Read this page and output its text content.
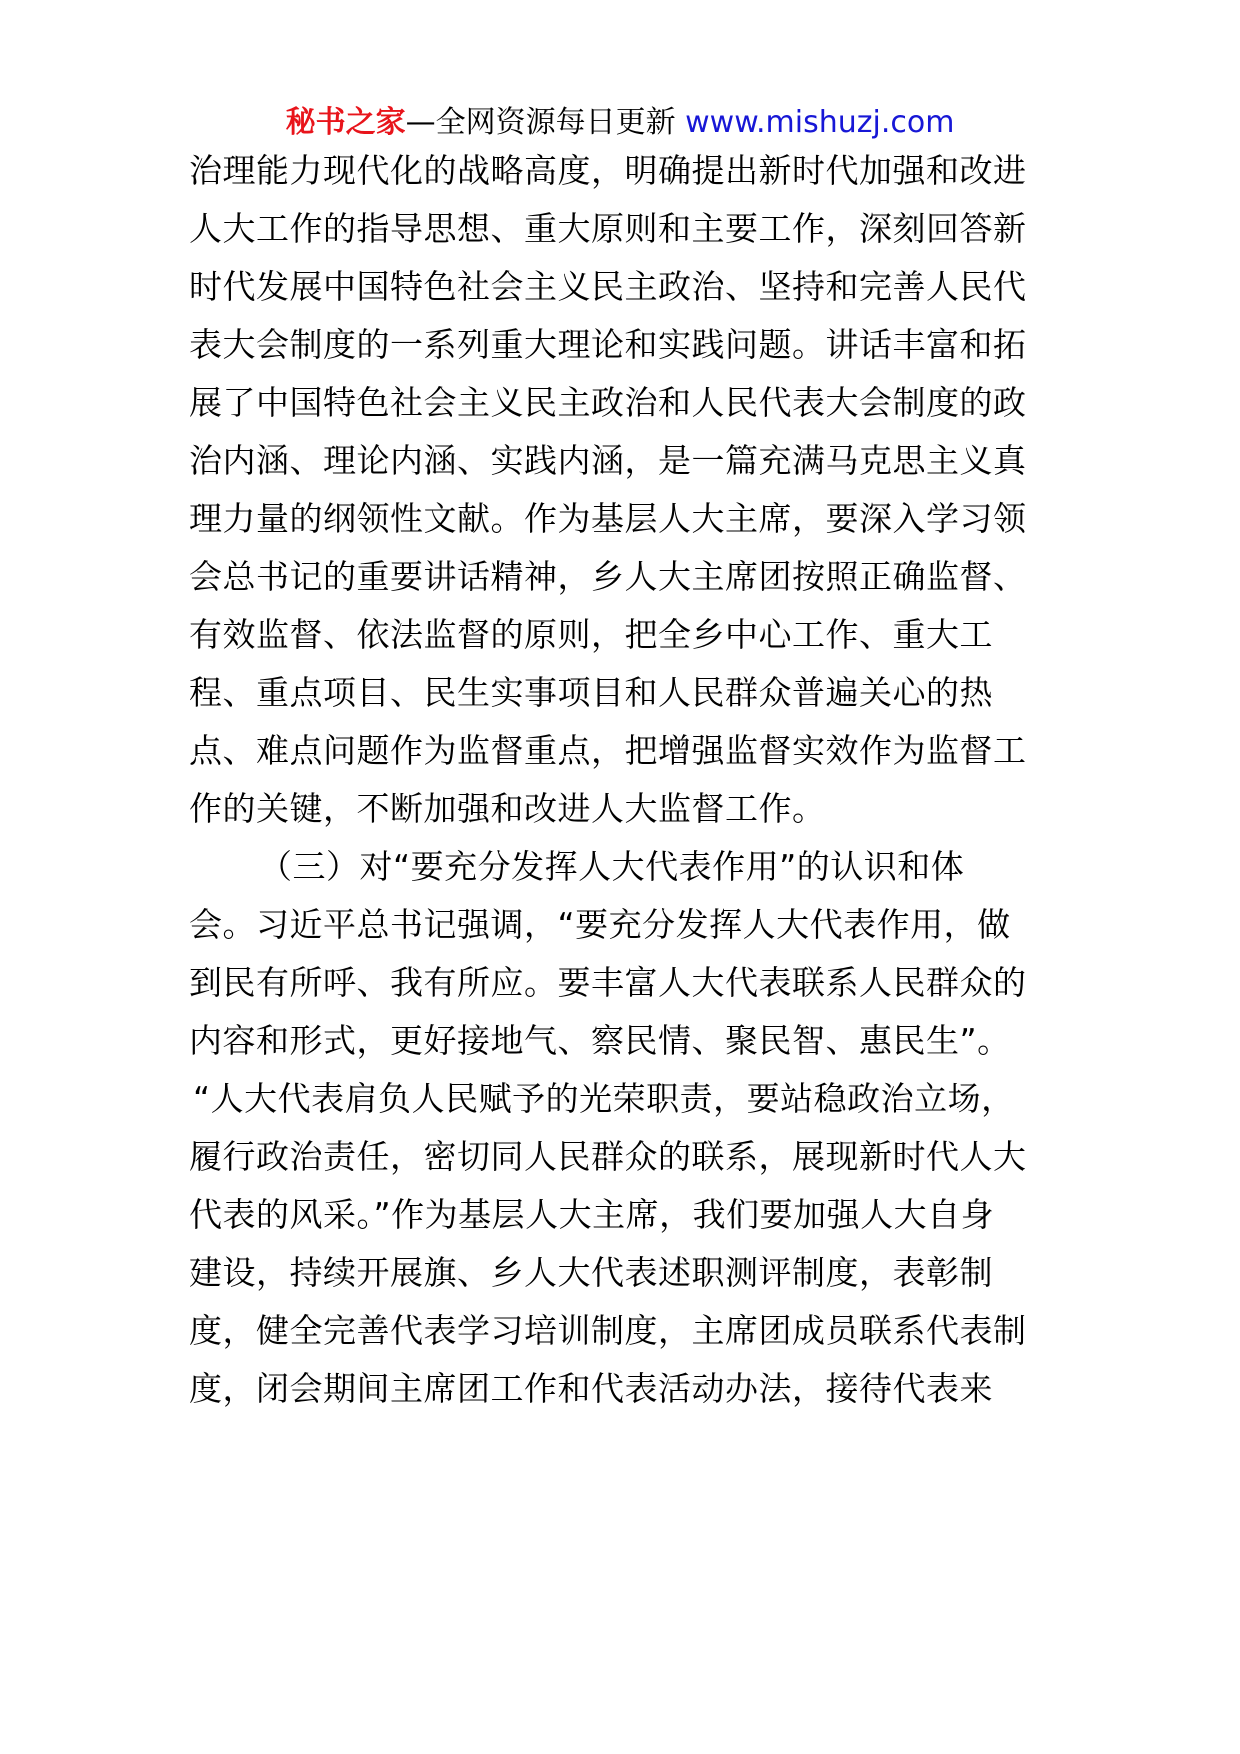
秘书之家—全网资源每日更新 www.mishuzj.com
治理能力现代化的战略高度，明确提出新时代加强和改进
人大工作的指导思想、重大原则和主要工作，深刻回答新
时代发展中国特色社会主义民主政治、坚持和完善人民代
表大会制度的一系列重大理论和实践问题。讲话丰富和拓
展了中国特色社会主义民主政治和人民代表大会制度的政
治内涵、理论内涵、实践内涵，是一篇充满马克思主义真
理力量的纲领性文献。作为基层人大主席，要深入学习领
会总书记的重要讲话精神，乡人大主席团按照正确监督、
有效监督、依法监督的原则，把全乡中心工作、重大工
程、重点项目、民生实事项目和人民群众普遍关心的热
点、难点问题作为监督重点，把增强监督实效作为监督工
作的关键，不断加强和改进人大监督工作。
（三）对“要充分发挥人大代表作用”的认识和体
会。习近平总书记强调，“要充分发挥人大代表作用，做
到民有所呼、我有所应。要丰富人大代表联系人民群众的
内容和形式，更好接地气、察民情、聚民智、惠民生”。
“人大代表肩负人民赋予的光荣职责，要站稳政治立场，
履行政治责任，密切同人民群众的联系，展现新时代人大
代表的风采。”作为基层人大主席，我们要加强人大自身
建设，持续开展旗、乡人大代表述职测评制度，表彰制
度，健全完善代表学习培训制度，主席团成员联系代表制
度，闭会期间主席团工作和代表活动办法，接待代表来
